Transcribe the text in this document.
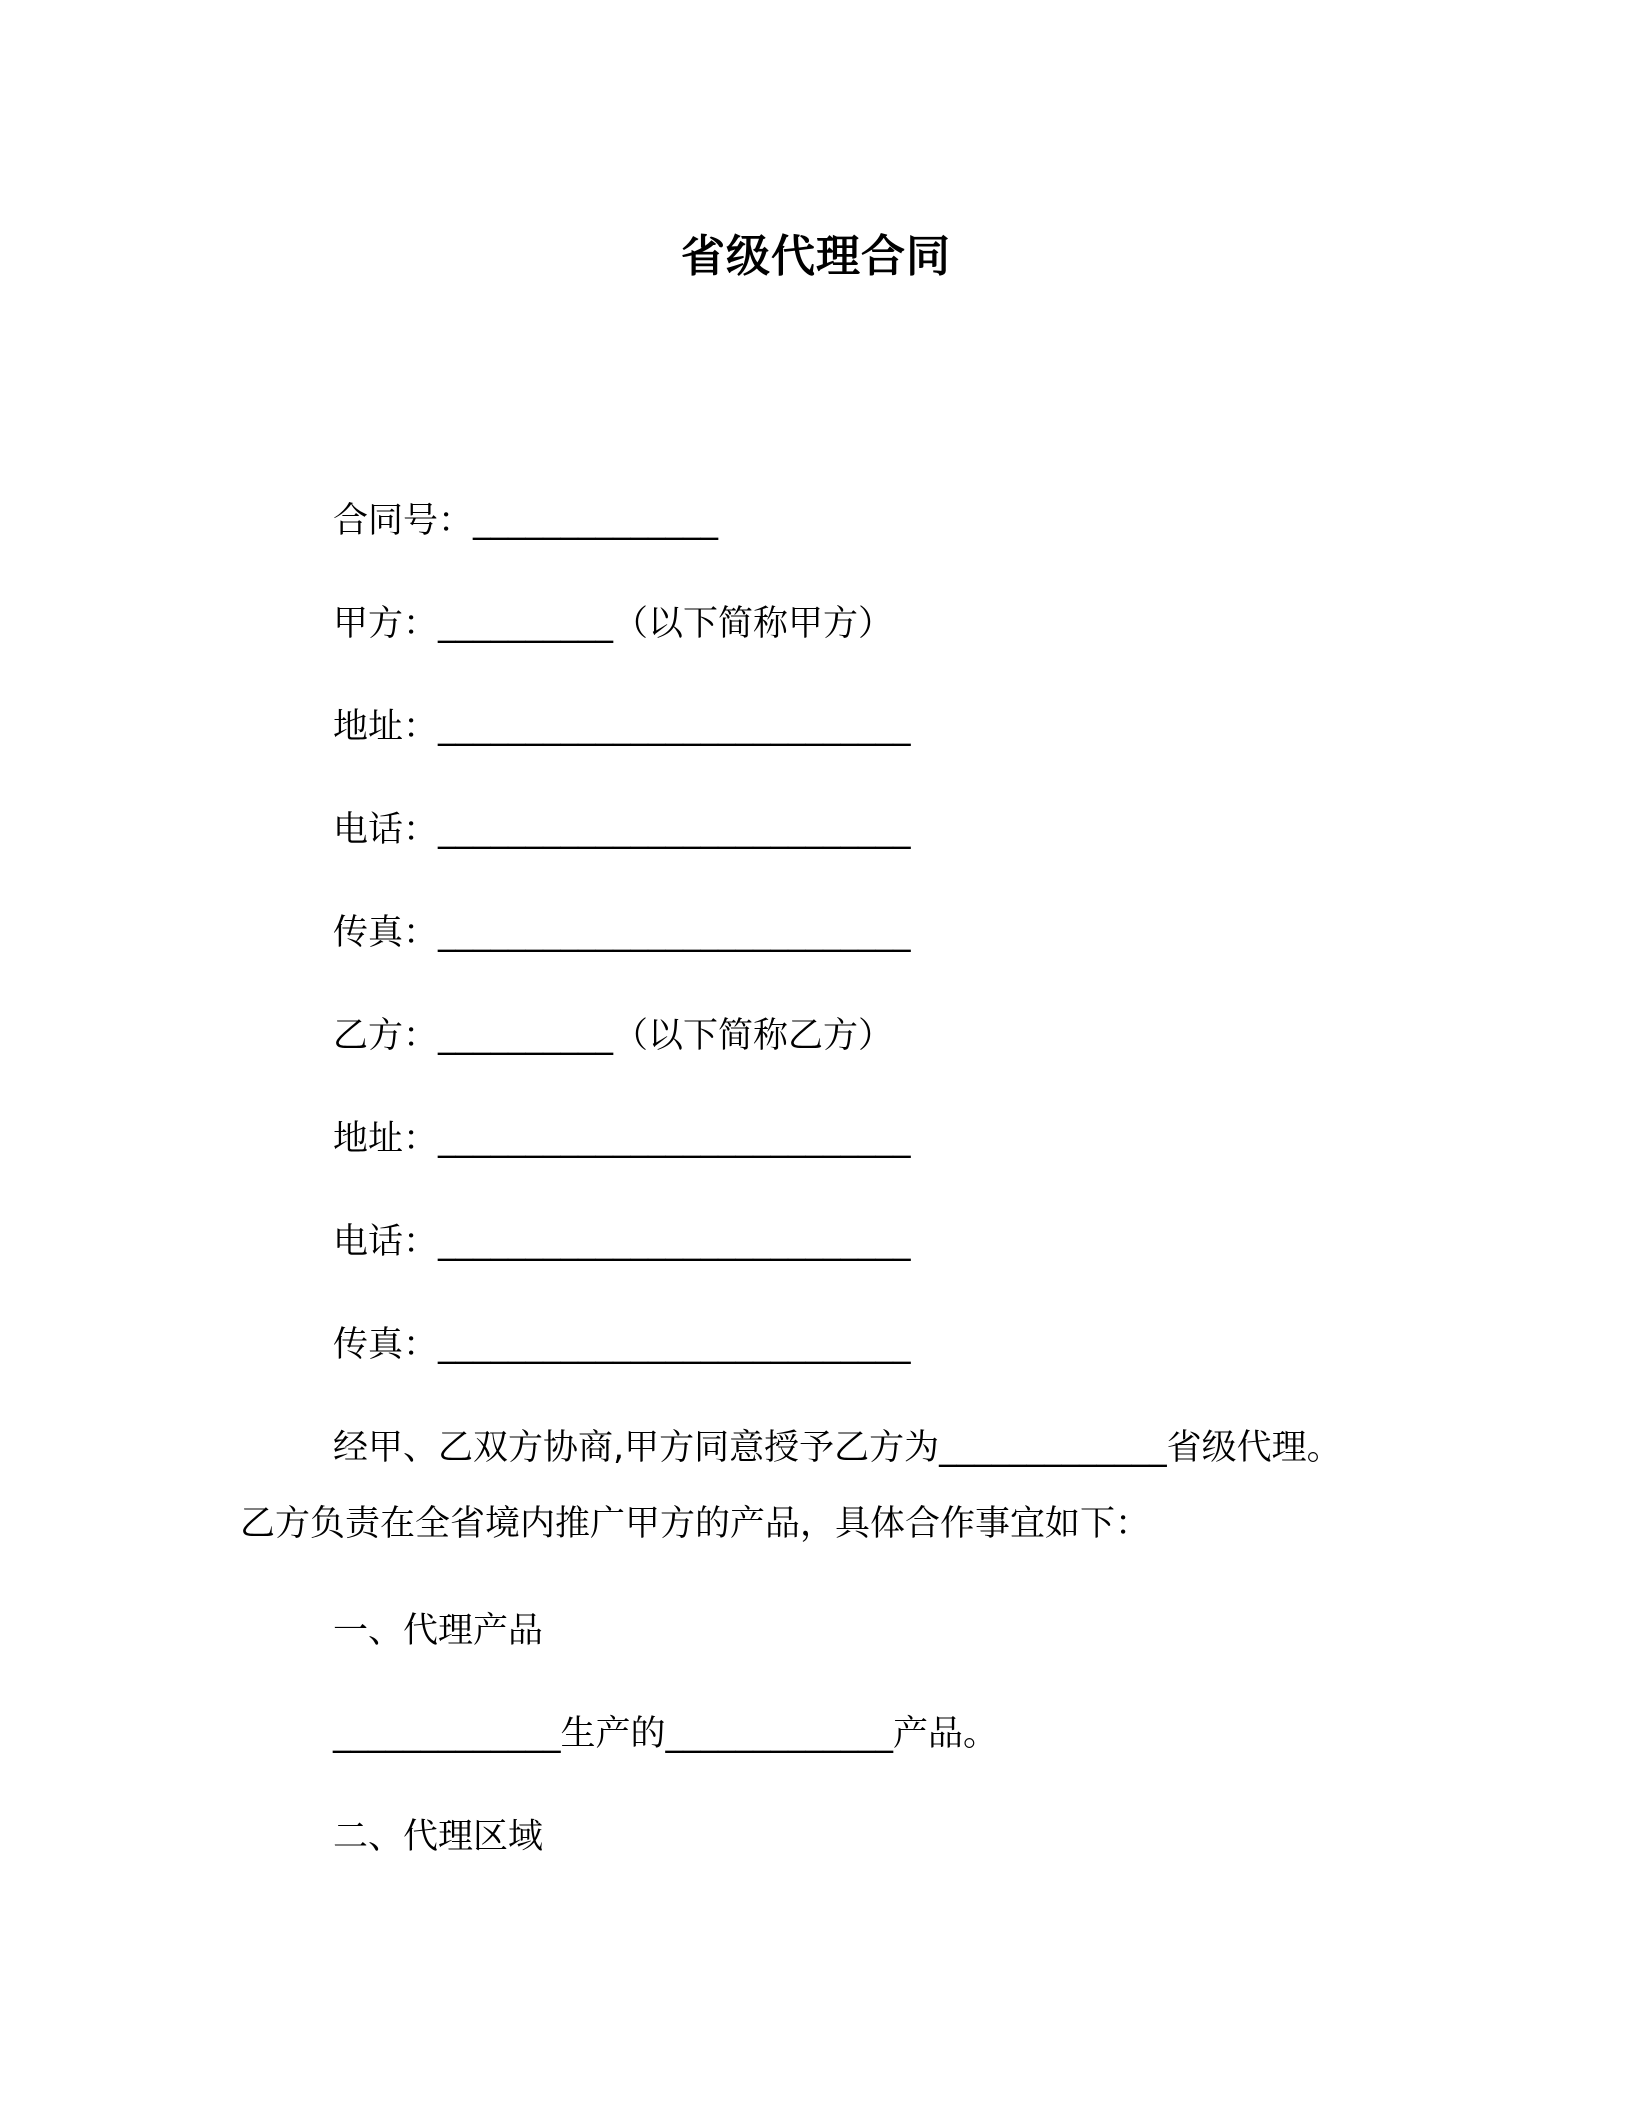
省级代理合同
合同号：______________
甲方：__________（以下简称甲方）
地址：___________________________
电话：___________________________
传真：___________________________
乙方：__________（以下简称乙方）
地址：___________________________
电话：___________________________
传真：___________________________
经甲、乙双方协商,甲方同意授予乙方为_____________省级代理。
乙方负责在全省境内推广甲方的产品，具体合作事宜如下：
一、代理产品
_____________生产的_____________产品。
二、代理区域
